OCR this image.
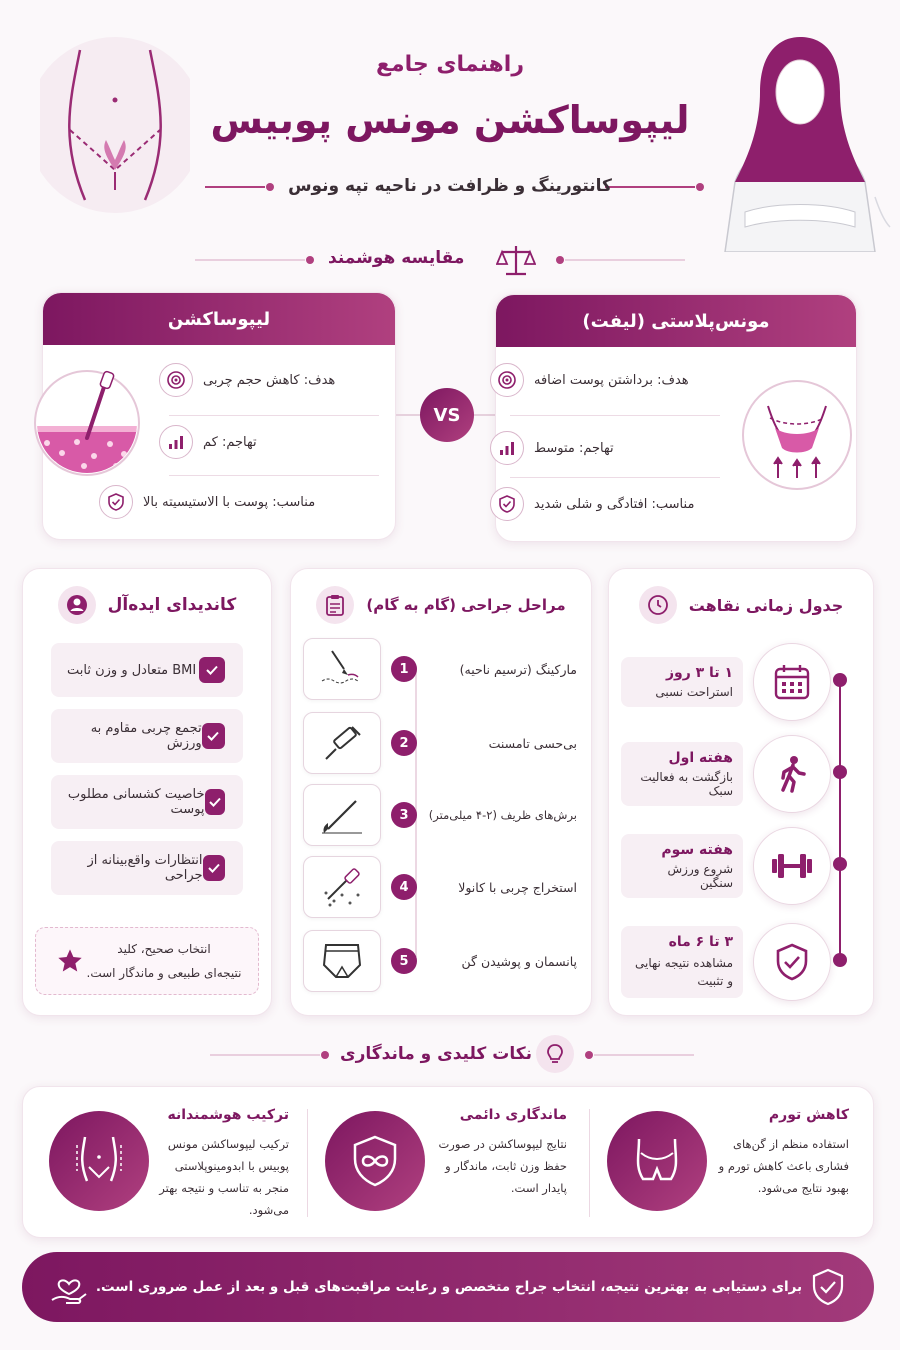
راهنمای جامع
لیپوساکشن مونس پوبیس
کانتورینگ و ظرافت در ناحیه تپه ونوس
مقایسه هوشمند
لیپوساکشن
هدف: کاهش حجم چربی
تهاجم: کم
مناسب: پوست با الاستیسیته بالا
VS
مونس‌پلاستی (لیفت)
هدف: برداشتن پوست اضافه
تهاجم: متوسط
مناسب: افتادگی و شلی شدید
کاندیدای ایده‌آل
BMI متعادل و وزن ثابت
تجمع چربی مقاوم به ورزش
خاصیت کشسانی مطلوب پوست
انتظارات واقع‌بینانه از جراحی
انتخاب صحیح، کلید
نتیجه‌ای طبیعی و ماندگار است.
مراحل جراحی (گام به گام)
مارکینگ (ترسیم ناحیه)
1
بی‌حسی تامسنت
2
برش‌های ظریف (۲-۴ میلی‌متر)
3
استخراج چربی با کانولا
4
پانسمان و پوشیدن گن
5
جدول زمانی نقاهت
۱ تا ۳ روز
استراحت نسبی
هفته اول
بازگشت به فعالیت سبک
هفته سوم
شروع ورزش سنگین
۳ تا ۶ ماه
مشاهده نتیجه نهایی و تثبیت
نکات کلیدی و ماندگاری
کاهش تورم
استفاده منظم از گن‌های فشاری باعث کاهش تورم و بهبود نتایج می‌شود.
ماندگاری دائمی
نتایج لیپوساکشن در صورت حفظ وزن ثابت، ماندگار و پایدار است.
ترکیب هوشمندانه
ترکیب لیپوساکشن مونس پوبیس با ابدومینوپلاستی منجر به تناسب و نتیجه بهتر می‌شود.
برای دستیابی به بهترین نتیجه، انتخاب جراح متخصص و رعایت مراقبت‌های قبل و بعد از عمل ضروری است.
